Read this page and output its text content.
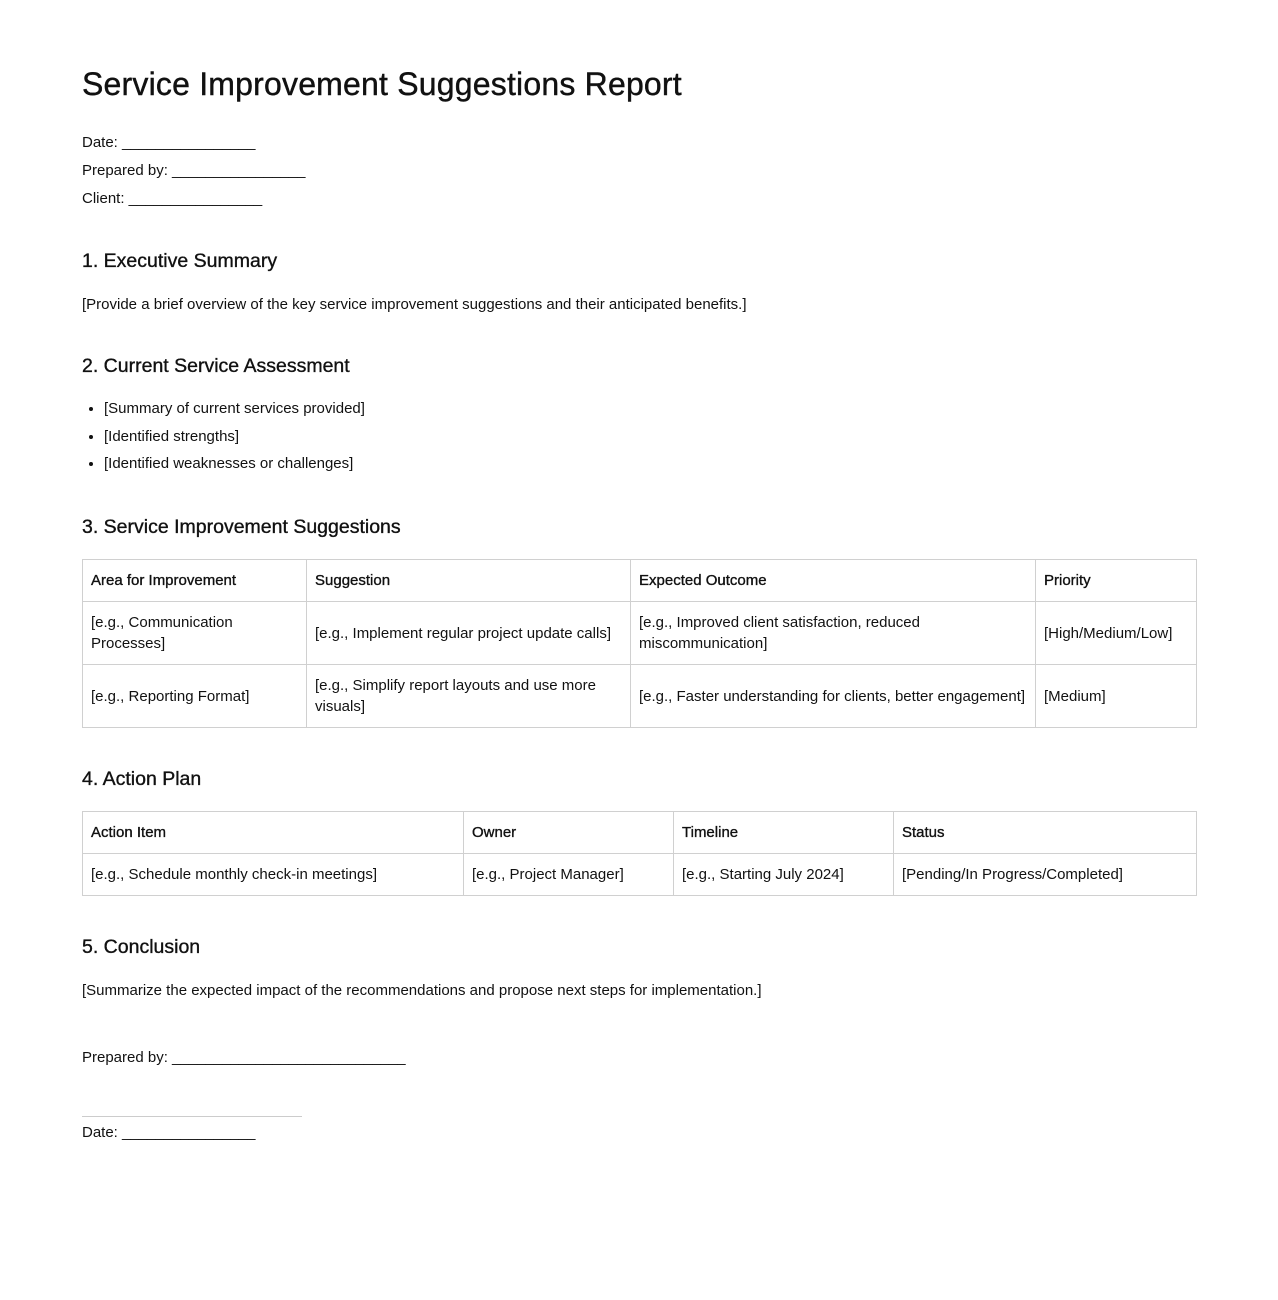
Service Improvement Suggestions Report

Date: ________________

Prepared by: ________________

Client: ________________

1. Executive Summary

[Provide a brief overview of the key service improvement suggestions and their anticipated benefits.]

2. Current Service Assessment
• [Summary of current services provided]
• [Identified strengths]
• [Identified weaknesses or challenges]
3. Service Improvement Suggestions
Area for Improvement	Suggestion	Expected Outcome	Priority
[e.g., Communication Processes]	[e.g., Implement regular project update calls]	[e.g., Improved client satisfaction, reduced miscommunication]	[High/Medium/Low]
[e.g., Reporting Format]	[e.g., Simplify report layouts and use more visuals]	[e.g., Faster understanding for clients, better engagement]	[Medium]
4. Action Plan
Action Item	Owner	Timeline	Status
[e.g., Schedule monthly check-in meetings]	[e.g., Project Manager]	[e.g., Starting July 2024]	[Pending/In Progress/Completed]
5. Conclusion

[Summarize the expected impact of the recommendations and propose next steps for implementation.]

Prepared by: ____________________________

Date: ________________
